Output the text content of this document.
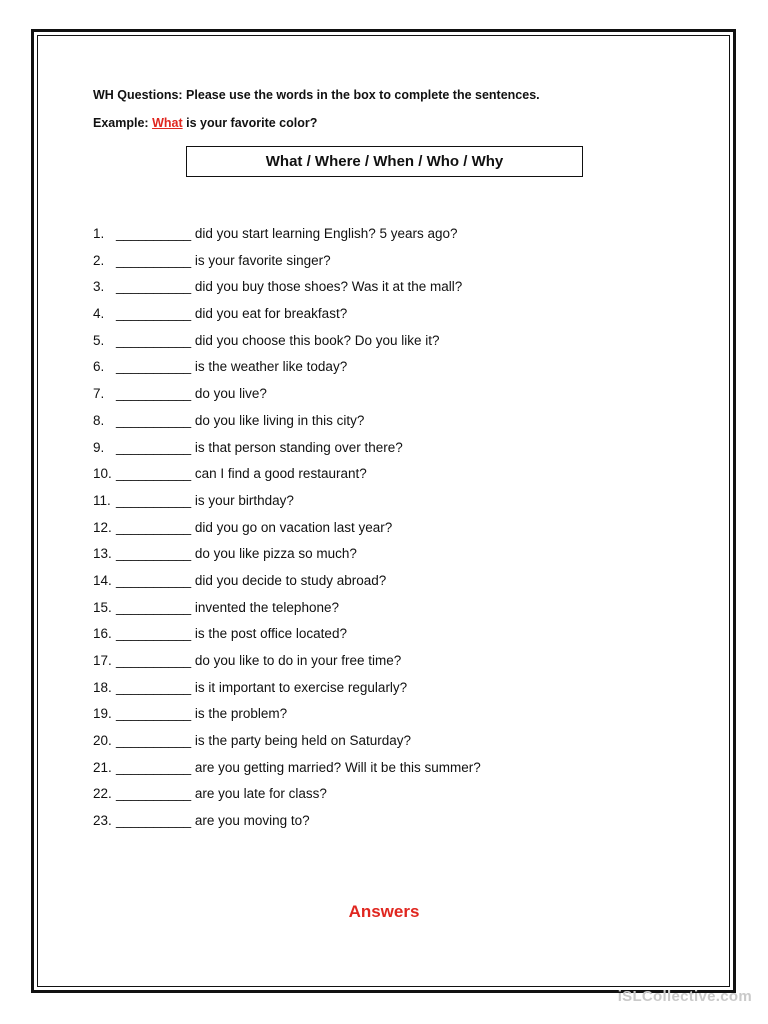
WH Questions: Please use the words in the box to complete the sentences.
Example: What is your favorite color?
What / Where / When / Who / Why
1. __________ did you start learning English? 5 years ago?
2. __________ is your favorite singer?
3. __________ did you buy those shoes? Was it at the mall?
4. __________ did you eat for breakfast?
5. __________ did you choose this book? Do you like it?
6. __________ is the weather like today?
7. __________ do you live?
8. __________ do you like living in this city?
9. __________ is that person standing over there?
10. __________ can I find a good restaurant?
11. __________ is your birthday?
12. __________ did you go on vacation last year?
13. __________ do you like pizza so much?
14. __________ did you decide to study abroad?
15. __________ invented the telephone?
16. __________ is the post office located?
17. __________ do you like to do in your free time?
18. __________ is it important to exercise regularly?
19. __________ is the problem?
20. __________ is the party being held on Saturday?
21. __________ are you getting married? Will it be this summer?
22. __________ are you late for class?
23. __________ are you moving to?
Answers
iSLCollective.com
